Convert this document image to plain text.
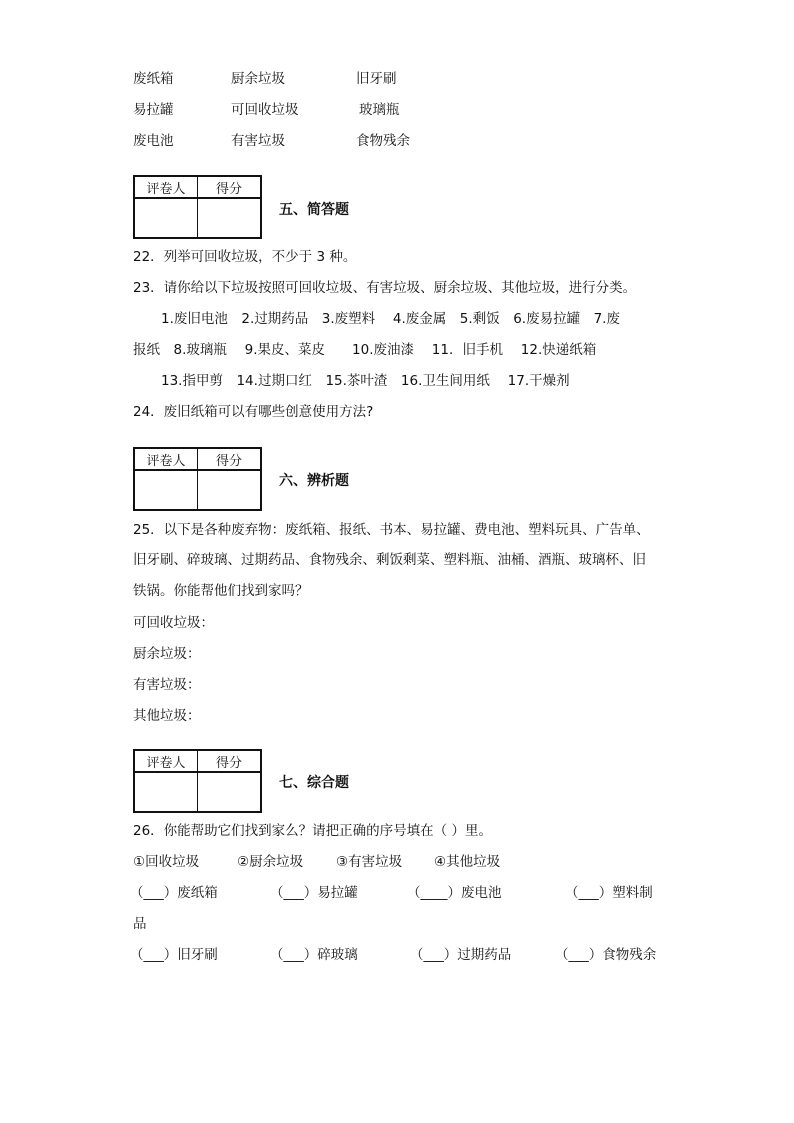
废纸箱	厨余垃圾	旧牙刷
易拉罐	可回收垃圾	玻璃瓶
废电池	有害垃圾	食物残余
评卷人	得分

五、简答题
22．列举可回收垃圾，不少于 3 种。
23．请你给以下垃圾按照可回收垃圾、有害垃圾、厨余垃圾、其他垃圾，进行分类。
1.废旧电池　2.过期药品　3.废塑料　 4.废金属　5.剩饭　6.废易拉罐　7.废
报纸　8.玻璃瓶　 9.果皮、菜皮　　10.废油漆　 11．旧手机　 12.快递纸箱
13.指甲剪　14.过期口红　15.茶叶渣　16.卫生间用纸　 17.干燥剂
24．废旧纸箱可以有哪些创意使用方法?
评卷人	得分

六、辨析题
25．以下是各种废弃物：废纸箱、报纸、书本、易拉罐、费电池、塑料玩具、广告单、
旧牙刷、碎玻璃、过期药品、食物残余、剩饭剩菜、塑料瓶、油桶、酒瓶、玻璃杯、旧
铁锅。你能帮他们找到家吗？
可回收垃圾：
厨余垃圾：
有害垃圾：
其他垃圾：
评卷人	得分

七、综合题
26．你能帮助它们找到家么？请把正确的序号填在（ ）里。
①回收垃圾	②厨余垃圾 ③有害垃圾 ④其他垃圾
（___）废纸箱	（___）易拉罐	（____）废电池	（___）塑料制
品
（___）旧牙刷	（___）碎玻璃	（___）过期药品	（___）食物残余
